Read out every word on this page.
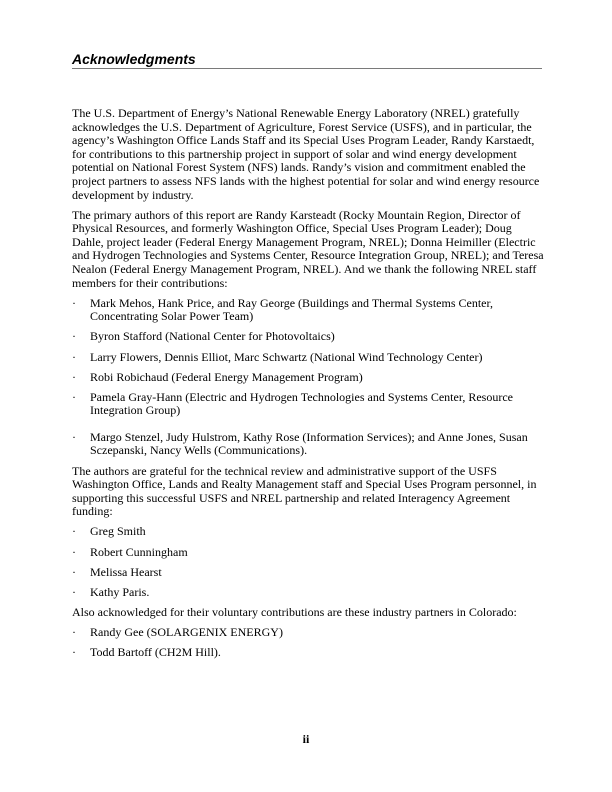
Acknowledgments

The U.S. Department of Energy’s National Renewable Energy Laboratory (NREL) gratefully acknowledges the U.S. Department of Agriculture, Forest Service (USFS), and in particular, the agency’s Washington Office Lands Staff and its Special Uses Program Leader, Randy Karstaedt, for contributions to this partnership project in support of solar and wind energy development potential on National Forest System (NFS) lands. Randy’s vision and commitment enabled the project partners to assess NFS lands with the highest potential for solar and wind energy resource development by industry.

The primary authors of this report are Randy Karsteadt (Rocky Mountain Region, Director of Physical Resources, and formerly Washington Office, Special Uses Program Leader); Doug Dahle, project leader (Federal Energy Management Program, NREL); Donna Heimiller (Electric and Hydrogen Technologies and Systems Center, Resource Integration Group, NREL); and Teresa Nealon (Federal Energy Management Program, NREL). And we thank the following NREL staff members for their contributions:

· Mark Mehos, Hank Price, and Ray George (Buildings and Thermal Systems Center, Concentrating Solar Power Team)
· Byron Stafford (National Center for Photovoltaics)
· Larry Flowers, Dennis Elliot, Marc Schwartz (National Wind Technology Center)
· Robi Robichaud (Federal Energy Management Program)
· Pamela Gray-Hann (Electric and Hydrogen Technologies and Systems Center, Resource Integration Group)
· Margo Stenzel, Judy Hulstrom, Kathy Rose (Information Services); and Anne Jones, Susan Sczepanski, Nancy Wells (Communications).

The authors are grateful for the technical review and administrative support of the USFS Washington Office, Lands and Realty Management staff and Special Uses Program personnel, in supporting this successful USFS and NREL partnership and related Interagency Agreement funding:

· Greg Smith
· Robert Cunningham
· Melissa Hearst
· Kathy Paris.

Also acknowledged for their voluntary contributions are these industry partners in Colorado:

· Randy Gee (SOLARGENIX ENERGY)
· Todd Bartoff (CH2M Hill).
ii
